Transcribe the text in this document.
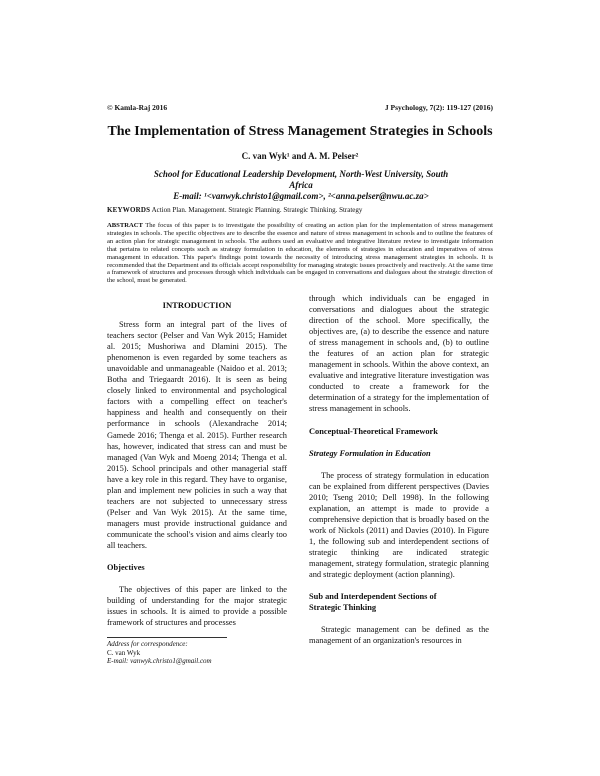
© Kamla-Raj 2016	J Psychology, 7(2): 119-127 (2016)
The Implementation of Stress Management Strategies in Schools
C. van Wyk¹ and A. M. Pelser²
School for Educational Leadership Development, North-West University, South Africa
E-mail: ¹<vanwyk.christo1@gmail.com>, ²<anna.pelser@nwu.ac.za>
KEYWORDS Action Plan. Management. Strategic Planning. Strategic Thinking. Strategy
ABSTRACT The focus of this paper is to investigate the possibility of creating an action plan for the implementation of stress management strategies in schools. The specific objectives are to describe the essence and nature of stress management in schools and to outline the features of an action plan for strategic management in schools. The authors used an evaluative and integrative literature review to investigate information that pertains to related concepts such as strategy formulation in education, the elements of strategies in education and imperatives of stress management in education. This paper's findings point towards the necessity of introducing stress management strategies in schools. It is recommended that the Department and its officials accept responsibility for managing strategic issues proactively and reactively. At the same time a framework of structures and processes through which individuals can be engaged in conversations and dialogues about the strategic direction of the school, must be generated.
INTRODUCTION

Stress form an integral part of the lives of teachers sector (Pelser and Van Wyk 2015; Hamidet al. 2015; Mushoriwa and Dlamini 2015). The phenomenon is even regarded by some teachers as unavoidable and unmanageable (Naidoo et al. 2013; Botha and Triegaardt 2016). It is seen as being closely linked to environmental and psychological factors with a compelling effect on teacher's happiness and health and consequently on their performance in schools (Alexandrache 2014; Gamede 2016; Thenga et al. 2015). Further research has, however, indicated that stress can and must be managed (Van Wyk and Moeng 2014; Thenga et al. 2015). School principals and other managerial staff have a key role in this regard. They have to organise, plan and implement new policies in such a way that teachers are not subjected to unnecessary stress (Pelser and Van Wyk 2015). At the same time, managers must provide instructional guidance and communicate the school's vision and aims clearly too all teachers.

Objectives

The objectives of this paper are linked to the building of understanding for the major strategic issues in schools. It is aimed to provide a possible framework of structures and processes

Address for correspondence:
C. van Wyk
E-mail: vanwyk.christo1@gmail.com

through which individuals can be engaged in conversations and dialogues about the strategic direction of the school. More specifically, the objectives are, (a) to describe the essence and nature of stress management in schools and, (b) to outline the features of an action plan for strategic management in schools. Within the above context, an evaluative and integrative literature investigation was conducted to create a framework for the determination of a strategy for the implementation of stress management in schools.

Conceptual-Theoretical Framework

Strategy Formulation in Education

The process of strategy formulation in education can be explained from different perspectives (Davies 2010; Tseng 2010; Dell 1998). In the following explanation, an attempt is made to provide a comprehensive depiction that is broadly based on the work of Nickols (2011) and Davies (2010). In Figure 1, the following sub and interdependent sections of strategic thinking are indicated strategic management, strategy formulation, strategic planning and strategic deployment (action planning).

Sub and Interdependent Sections of
Strategic Thinking

Strategic management can be defined as the management of an organization's resources in
